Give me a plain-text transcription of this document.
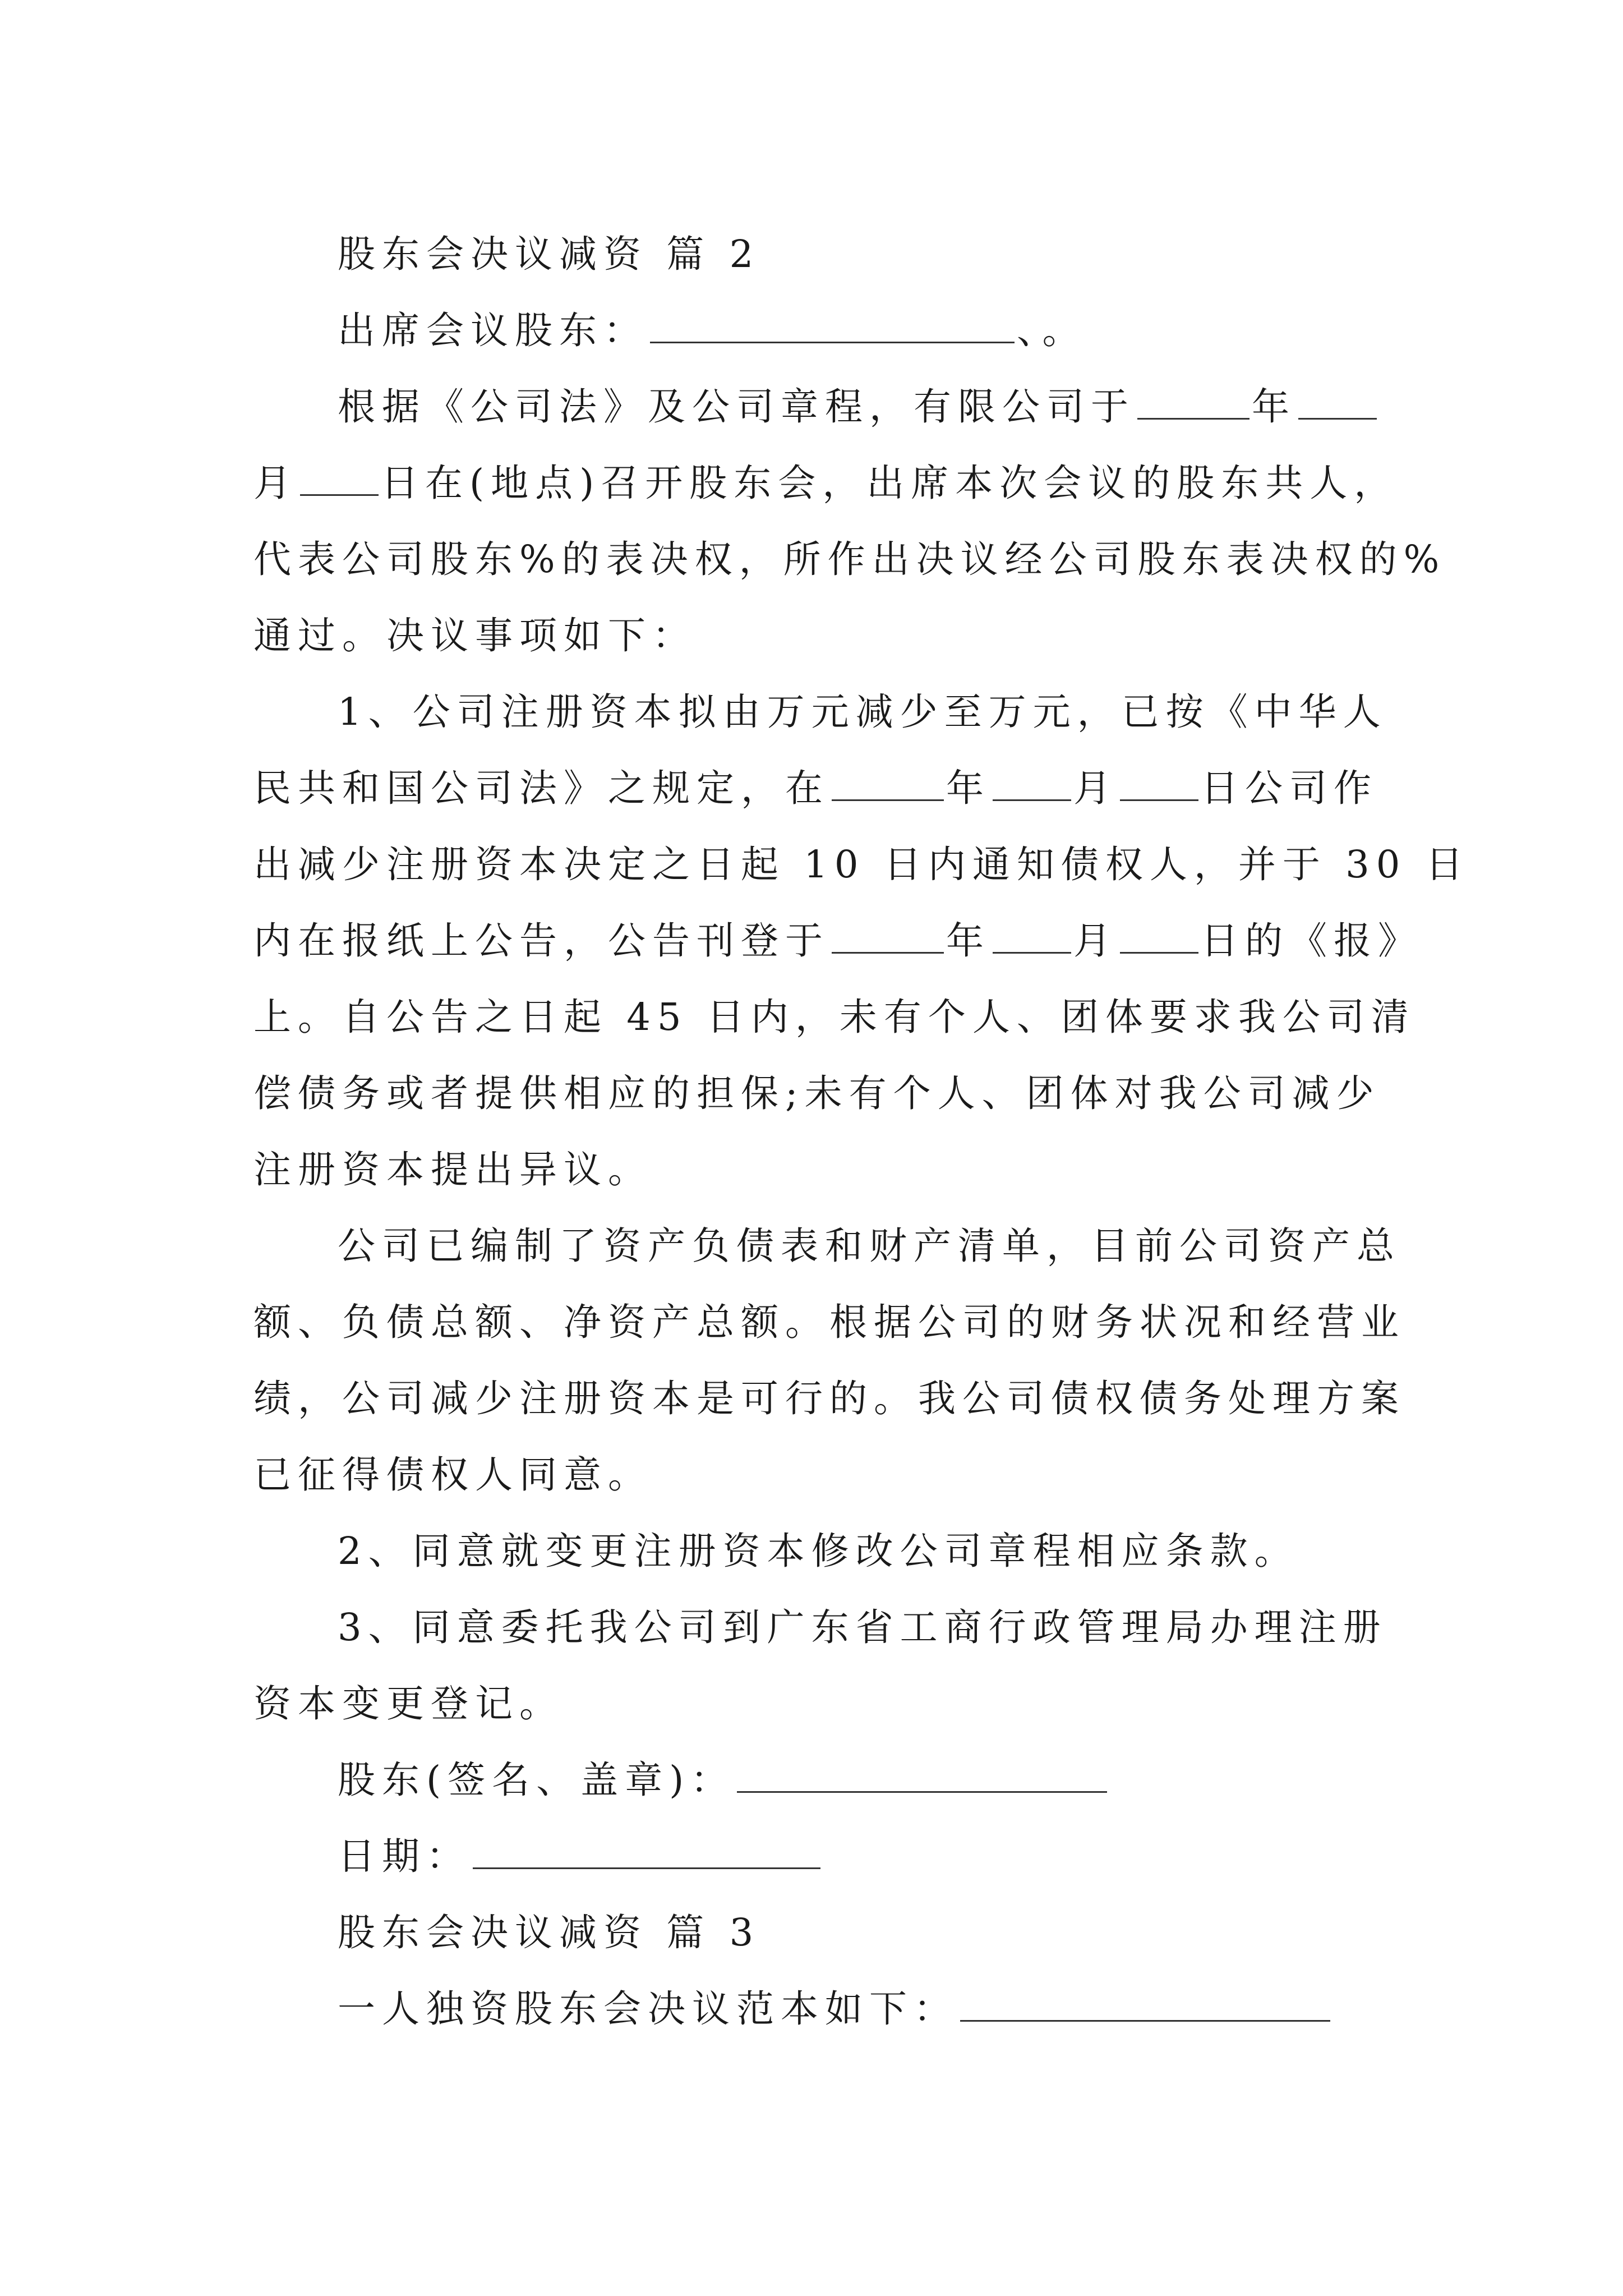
股东会决议减资 篇 2
出席会议股东：	、。
根据《公司法》及公司章程，有限公司于	年
月 日在(地点)召开股东会，出席本次会议的股东共人，
代表公司股东%的表决权，所作出决议经公司股东表决权的%
通过。决议事项如下：
1、公司注册资本拟由万元减少至万元，已按《中华人
民共和国公司法》之规定，在	年 月 日公司作
出减少注册资本决定之日起 10 日内通知债权人，并于 30 日
内在报纸上公告，公告刊登于	年 月 日的《报》
上。自公告之日起 45 日内，未有个人、团体要求我公司清
偿债务或者提供相应的担保;未有个人、团体对我公司减少
注册资本提出异议。
公司已编制了资产负债表和财产清单，目前公司资产总
额、负债总额、净资产总额。根据公司的财务状况和经营业
绩，公司减少注册资本是可行的。我公司债权债务处理方案
已征得债权人同意。
2、同意就变更注册资本修改公司章程相应条款。
3、同意委托我公司到广东省工商行政管理局办理注册
资本变更登记。
股东(签名、盖章)：
日期：
股东会决议减资 篇 3
一人独资股东会决议范本如下：
